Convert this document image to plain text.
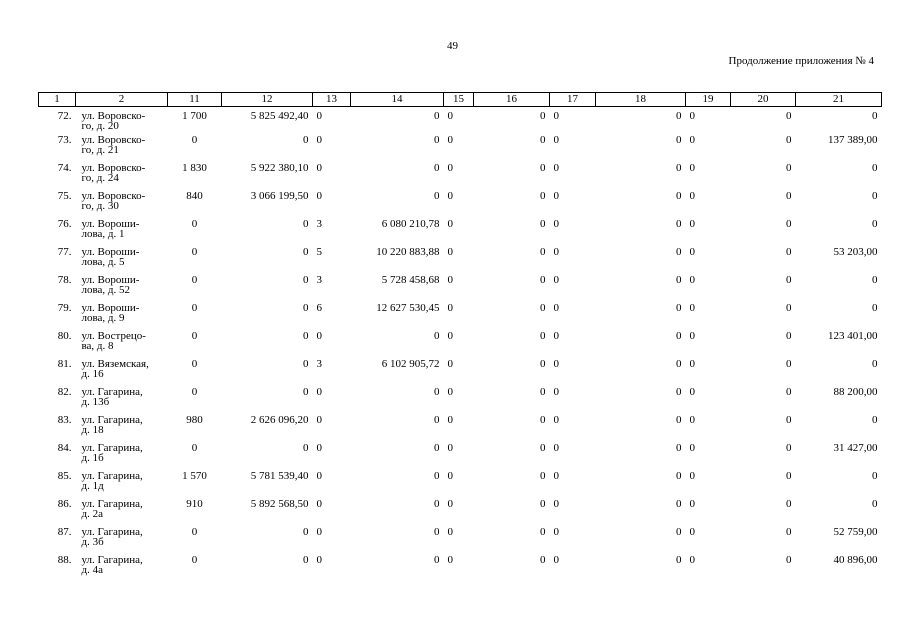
49
Продолжение приложения № 4
1	2	11	12	13	14	15	16	17	18	19	20	21
72.	ул. Воровско-
го, д. 20	1 700	5 825 492,40	0	0	0	0	0	0	0	0	0
73.	ул. Воровско-
го, д. 21	0	0	0	0	0	0	0	0	0	0	137 389,00
74.	ул. Воровско-
го, д. 24	1 830	5 922 380,10	0	0	0	0	0	0	0	0	0
75.	ул. Воровско-
го, д. 30	840	3 066 199,50	0	0	0	0	0	0	0	0	0
76.	ул. Вороши-
лова, д. 1	0	0	3	6 080 210,78	0	0	0	0	0	0	0
77.	ул. Вороши-
лова, д. 5	0	0	5	10 220 883,88	0	0	0	0	0	0	53 203,00
78.	ул. Вороши-
лова, д. 52	0	0	3	5 728 458,68	0	0	0	0	0	0	0
79.	ул. Вороши-
лова, д. 9	0	0	6	12 627 530,45	0	0	0	0	0	0	0
80.	ул. Вострецо-
ва, д. 8	0	0	0	0	0	0	0	0	0	0	123 401,00
81.	ул. Вяземская,
д. 16	0	0	3	6 102 905,72	0	0	0	0	0	0	0
82.	ул. Гагарина,
д. 13б	0	0	0	0	0	0	0	0	0	0	88 200,00
83.	ул. Гагарина,
д. 18	980	2 626 096,20	0	0	0	0	0	0	0	0	0
84.	ул. Гагарина,
д. 1б	0	0	0	0	0	0	0	0	0	0	31 427,00
85.	ул. Гагарина,
д. 1д	1 570	5 781 539,40	0	0	0	0	0	0	0	0	0
86.	ул. Гагарина,
д. 2а	910	5 892 568,50	0	0	0	0	0	0	0	0	0
87.	ул. Гагарина,
д. 3б	0	0	0	0	0	0	0	0	0	0	52 759,00
88.	ул. Гагарина,
д. 4а	0	0	0	0	0	0	0	0	0	0	40 896,00
